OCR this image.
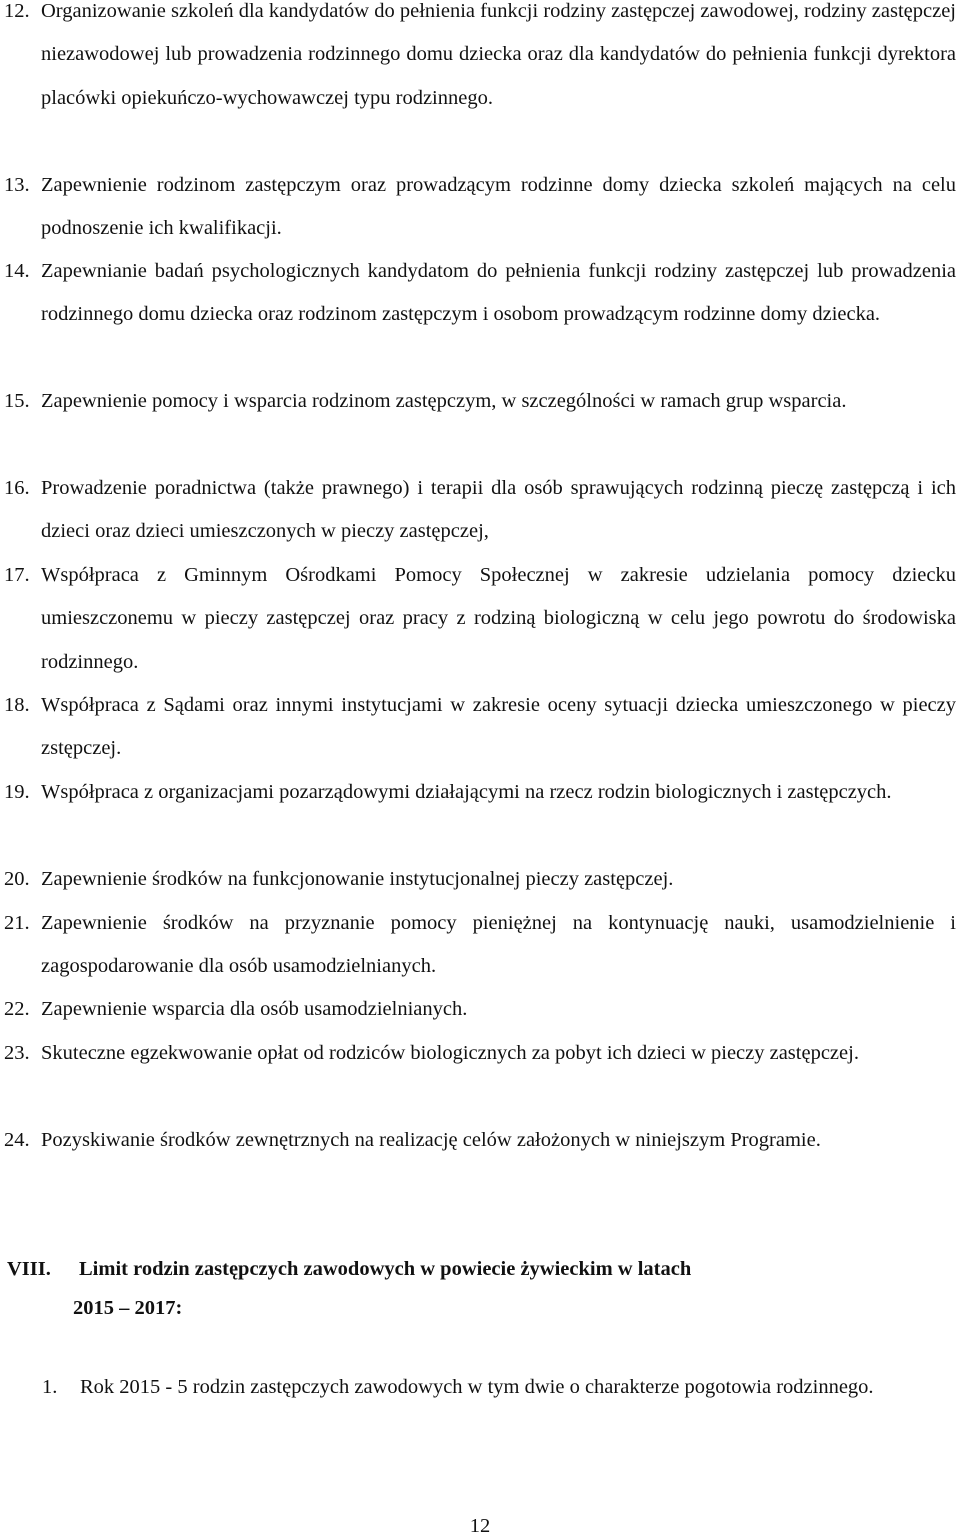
12. Organizowanie szkoleń dla kandydatów do pełnienia funkcji rodziny zastępczej zawodowej, rodziny zastępczej niezawodowej lub prowadzenia rodzinnego domu dziecka oraz dla kandydatów do pełnienia funkcji dyrektora placówki opiekuńczo-wychowawczej typu rodzinnego.
13. Zapewnienie rodzinom zastępczym oraz prowadzącym rodzinne domy dziecka szkoleń mających na celu podnoszenie ich kwalifikacji.
14. Zapewnianie badań psychologicznych kandydatom do pełnienia funkcji rodziny zastępczej lub prowadzenia rodzinnego domu dziecka oraz rodzinom zastępczym i osobom prowadzącym rodzinne domy dziecka.
15. Zapewnienie pomocy i wsparcia rodzinom zastępczym, w szczególności w ramach grup wsparcia.
16. Prowadzenie poradnictwa (także prawnego) i terapii dla osób sprawujących rodzinną pieczę zastępczą i ich dzieci oraz dzieci umieszczonych w pieczy zastępczej,
17. Współpraca z Gminnym Ośrodkami Pomocy Społecznej w zakresie udzielania pomocy dziecku umieszczonemu w pieczy zastępczej oraz pracy z rodziną biologiczną w celu jego powrotu do środowiska rodzinnego.
18. Współpraca z Sądami oraz innymi instytucjami w zakresie oceny sytuacji dziecka umieszczonego w pieczy zstępczej.
19. Współpraca z organizacjami pozarządowymi działającymi na rzecz rodzin biologicznych i zastępczych.
20. Zapewnienie środków na funkcjonowanie instytucjonalnej pieczy zastępczej.
21. Zapewnienie środków na przyznanie pomocy pieniężnej na kontynuację nauki, usamodzielnienie i zagospodarowanie dla osób usamodzielnianych.
22. Zapewnienie wsparcia dla osób usamodzielnianych.
23. Skuteczne egzekwowanie opłat od rodziców biologicznych za pobyt ich dzieci w pieczy zastępczej.
24. Pozyskiwanie środków zewnętrznych na realizację celów założonych w niniejszym Programie.
VIII. Limit rodzin zastępczych zawodowych w powiecie żywieckim w latach
2015 – 2017:
1.	Rok 2015 - 5 rodzin zastępczych zawodowych w tym dwie o charakterze pogotowia rodzinnego.
12
